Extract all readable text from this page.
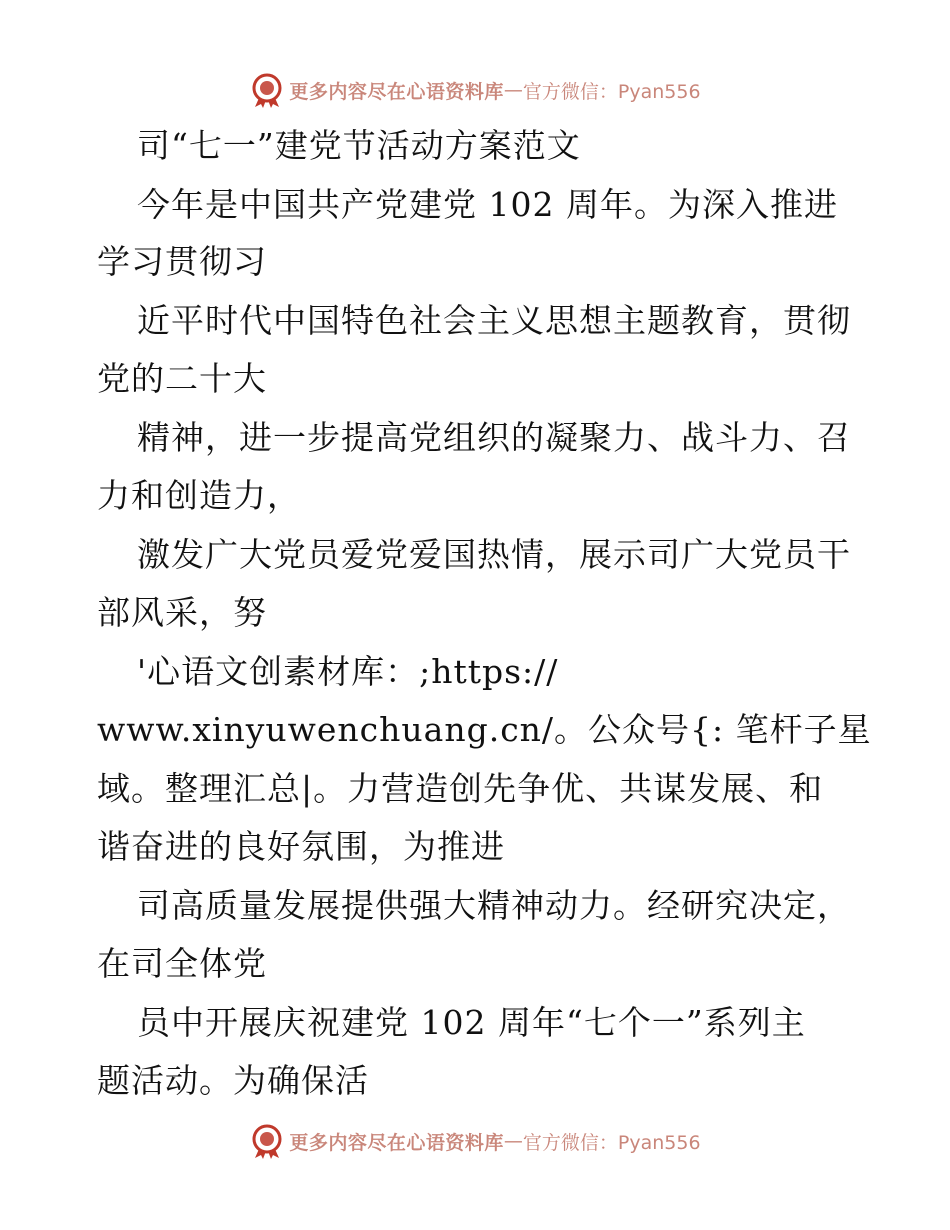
更多内容尽在心语资料库 — 官方微信：Pyan556
司“七一”建党节活动方案范文
今年是中国共产党建党 102 周年。为深入推进
学习贯彻习
近平时代中国特色社会主义思想主题教育，贯彻
党的二十大
精神，进一步提高党组织的凝聚力、战斗力、召
力和创造力，
激发广大党员爱党爱国热情，展示司广大党员干
部风采，努
'心语文创素材库：;https://
www.xinyuwenchuang.cn/。公众号{: 笔杆子星
域。整理汇总|。力营造创先争优、共谋发展、和
谐奋进的良好氛围，为推进
司高质量发展提供强大精神动力。经研究决定，
在司全体党
员中开展庆祝建党 102 周年“七个一”系列主
题活动。为确保活
更多内容尽在心语资料库 — 官方微信：Pyan556
